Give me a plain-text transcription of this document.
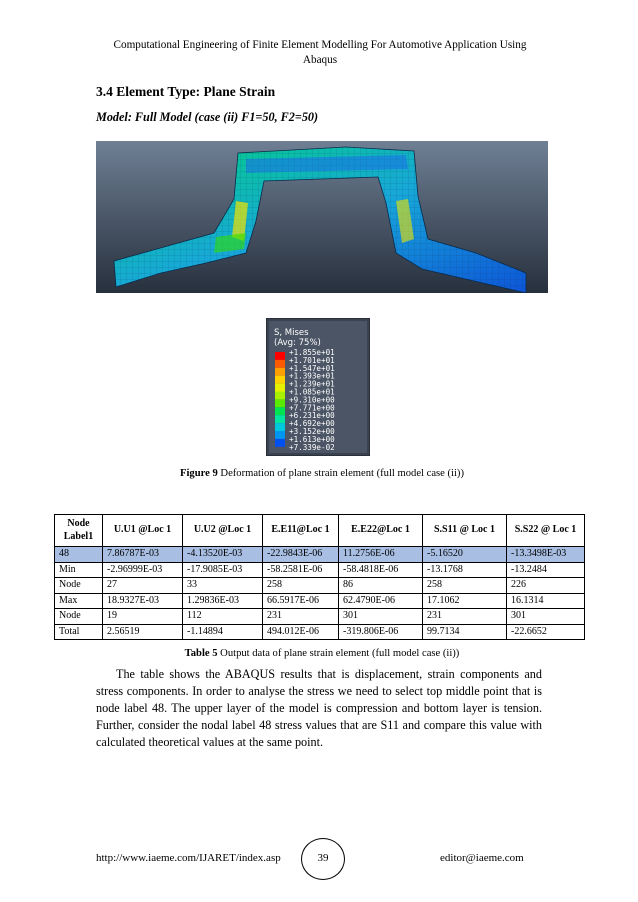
Computational Engineering of Finite Element Modelling For Automotive Application Using
Abaqus
3.4 Element Type: Plane Strain
Model: Full Model (case (ii) F1=50, F2=50)
S, Mises
(Avg: 75%)
+1.855e+01
+1.701e+01
+1.547e+01
+1.393e+01
+1.239e+01
+1.085e+01
+9.310e+00
+7.771e+00
+6.231e+00
+4.692e+00
+3.152e+00
+1.613e+00
+7.339e-02
Figure 9 Deformation of plane strain element (full model case (ii))
Node Label1	U.U1 @Loc 1	U.U2 @Loc 1	E.E11@Loc 1	E.E22@Loc 1	S.S11 @ Loc 1	S.S22 @ Loc 1
48	7.86787E-03	-4.13520E-03	-22.9843E-06	11.2756E-06	-5.16520	-13.3498E-03
Min	-2.96999E-03	-17.9085E-03	-58.2581E-06	-58.4818E-06	-13.1768	-13.2484
Node	27	33	258	86	258	226
Max	18.9327E-03	1.29836E-03	66.5917E-06	62.4790E-06	17.1062	16.1314
Node	19	112	231	301	231	301
Total	2.56519	-1.14894	494.012E-06	-319.806E-06	99.7134	-22.6652
Table 5 Output data of plane strain element (full model case (ii))

The table shows the ABAQUS results that is displacement, strain components and stress components. In order to analyse the stress we need to select top middle point that is node label 48. The upper layer of the model is compression and bottom layer is tension. Further, consider the nodal label 48 stress values that are S11 and compare this value with calculated theoretical values at the same point.

http://www.iaeme.com/IJARET/index.asp	39	editor@iaeme.com
